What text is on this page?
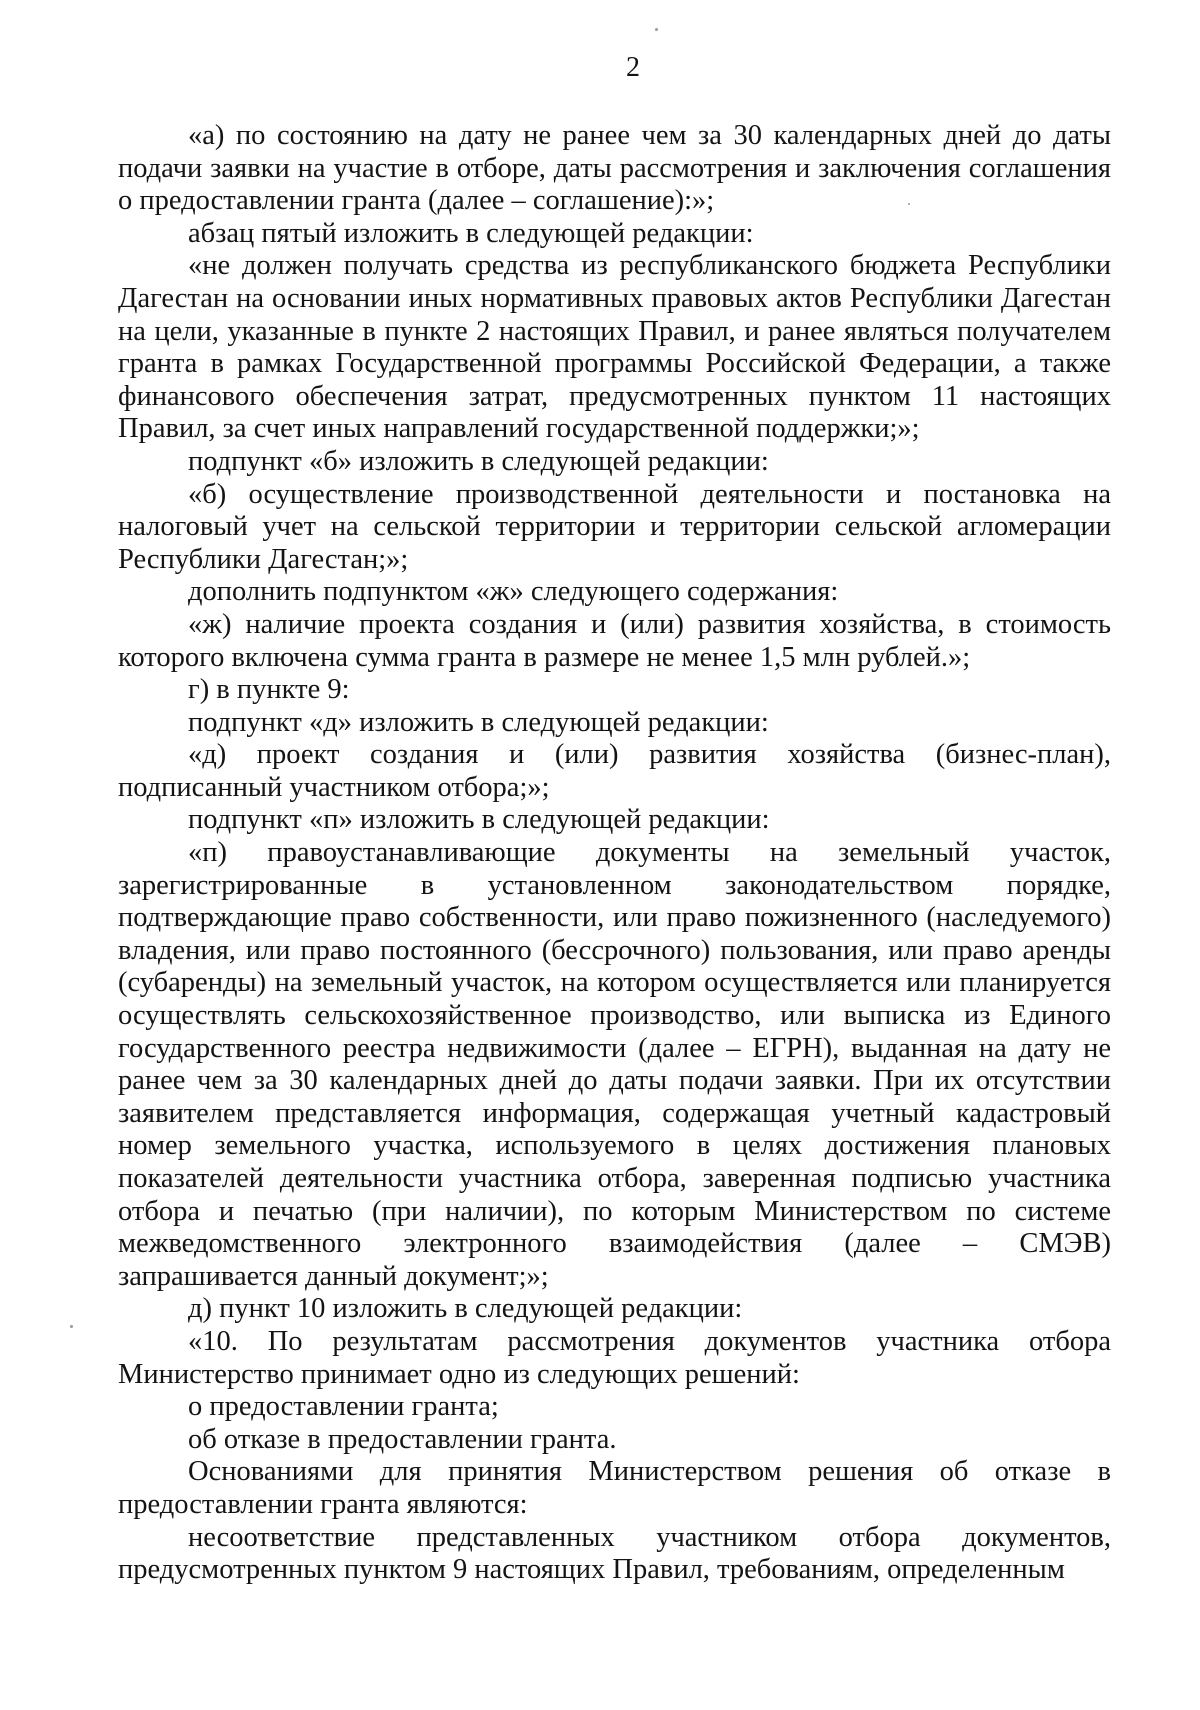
2

«а) по состоянию на дату не ранее чем за 30 календарных дней до даты подачи заявки на участие в отборе, даты рассмотрения и заключения соглашения о предоставлении гранта (далее – соглашение):»;

абзац пятый изложить в следующей редакции:

«не должен получать средства из республиканского бюджета Республики Дагестан на основании иных нормативных правовых актов Республики Дагестан на цели, указанные в пункте 2 настоящих Правил, и ранее являться получателем гранта в рамках Государственной программы Российской Федерации, а также финансового обеспечения затрат, предусмотренных пунктом 11 настоящих Правил, за счет иных направлений государственной поддержки;»;

подпункт «б» изложить в следующей редакции:

«б) осуществление производственной деятельности и постановка на налоговый учет на сельской территории и территории сельской агломерации Республики Дагестан;»;

дополнить подпунктом «ж» следующего содержания:

«ж) наличие проекта создания и (или) развития хозяйства, в стоимость которого включена сумма гранта в размере не менее 1,5 млн рублей.»;

г) в пункте 9:

подпункт «д» изложить в следующей редакции:

«д) проект создания и (или) развития хозяйства (бизнес-план), подписанный участником отбора;»;

подпункт «п» изложить в следующей редакции:

«п) правоустанавливающие документы на земельный участок, зарегистрированные в установленном законодательством порядке, подтверждающие право собственности, или право пожизненного (наследуемого) владения, или право постоянного (бессрочного) пользования, или право аренды (субаренды) на земельный участок, на котором осуществляется или планируется осуществлять сельскохозяйственное производство, или выписка из Единого государственного реестра недвижимости (далее – ЕГРН), выданная на дату не ранее чем за 30 календарных дней до даты подачи заявки. При их отсутствии заявителем представляется информация, содержащая учетный кадастровый номер земельного участка, используемого в целях достижения плановых показателей деятельности участника отбора, заверенная подписью участника отбора и печатью (при наличии), по которым Министерством по системе межведомственного электронного взаимодействия (далее – СМЭВ) запрашивается данный документ;»;

д) пункт 10 изложить в следующей редакции:

«10. По результатам рассмотрения документов участника отбора Министерство принимает одно из следующих решений:

о предоставлении гранта;

об отказе в предоставлении гранта.

Основаниями для принятия Министерством решения об отказе в предоставлении гранта являются:

несоответствие представленных участником отбора документов, предусмотренных пунктом 9 настоящих Правил, требованиям, определенным
